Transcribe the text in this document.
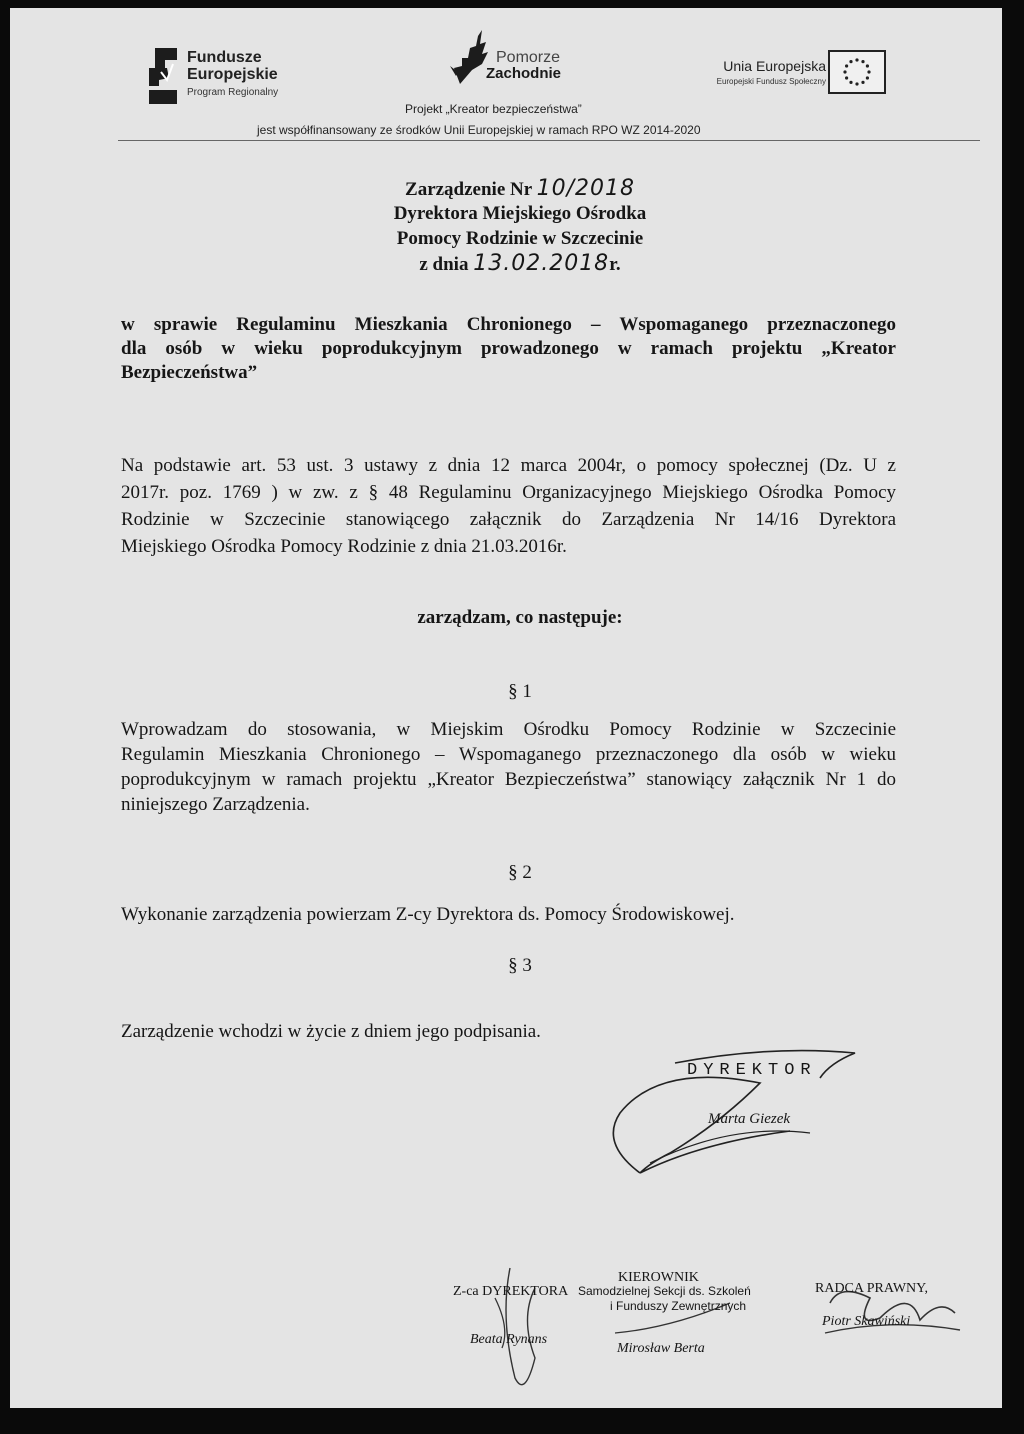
Fundusze
Europejskie
Program Regionalny
Pomorze
Zachodnie	Unia Europejska
Europejski Fundusz Społeczny
Projekt „Kreator bezpieczeństwa”
jest współfinansowany ze środków Unii Europejskiej w ramach RPO WZ 2014-2020
Zarządzenie Nr 10/2018
Dyrektora Miejskiego Ośrodka
Pomocy Rodzinie w Szczecinie
z dnia 13.02.2018r.
w sprawie Regulaminu Mieszkania Chronionego – Wspomaganego przeznaczonego
dla osób w wieku poprodukcyjnym prowadzonego w ramach projektu „Kreator
Bezpieczeństwa”
Na podstawie art. 53 ust. 3 ustawy z dnia 12 marca 2004r, o pomocy społecznej (Dz. U z
2017r. poz. 1769 ) w zw. z § 48 Regulaminu Organizacyjnego Miejskiego Ośrodka Pomocy
Rodzinie w Szczecinie stanowiącego załącznik do Zarządzenia Nr 14/16 Dyrektora
Miejskiego Ośrodka Pomocy Rodzinie z dnia 21.03.2016r.
zarządzam, co następuje:
§ 1
Wprowadzam do stosowania, w Miejskim Ośrodku Pomocy Rodzinie w Szczecinie
Regulamin Mieszkania Chronionego – Wspomaganego przeznaczonego dla osób w wieku
poprodukcyjnym w ramach projektu „Kreator Bezpieczeństwa” stanowiący załącznik Nr 1 do
niniejszego Zarządzenia.
§ 2
Wykonanie zarządzenia powierzam Z-cy Dyrektora ds. Pomocy Środowiskowej.
§ 3
Zarządzenie wchodzi w życie z dniem jego podpisania.
DYREKTOR
Marta Giezek
Z-ca DYREKTORA
Beata Rynans
KIEROWNIK
Samodzielnej Sekcji ds. Szkoleń
i Funduszy Zewnętrznych
Mirosław Berta
RADCA PRAWNY,
Piotr Skawiński
